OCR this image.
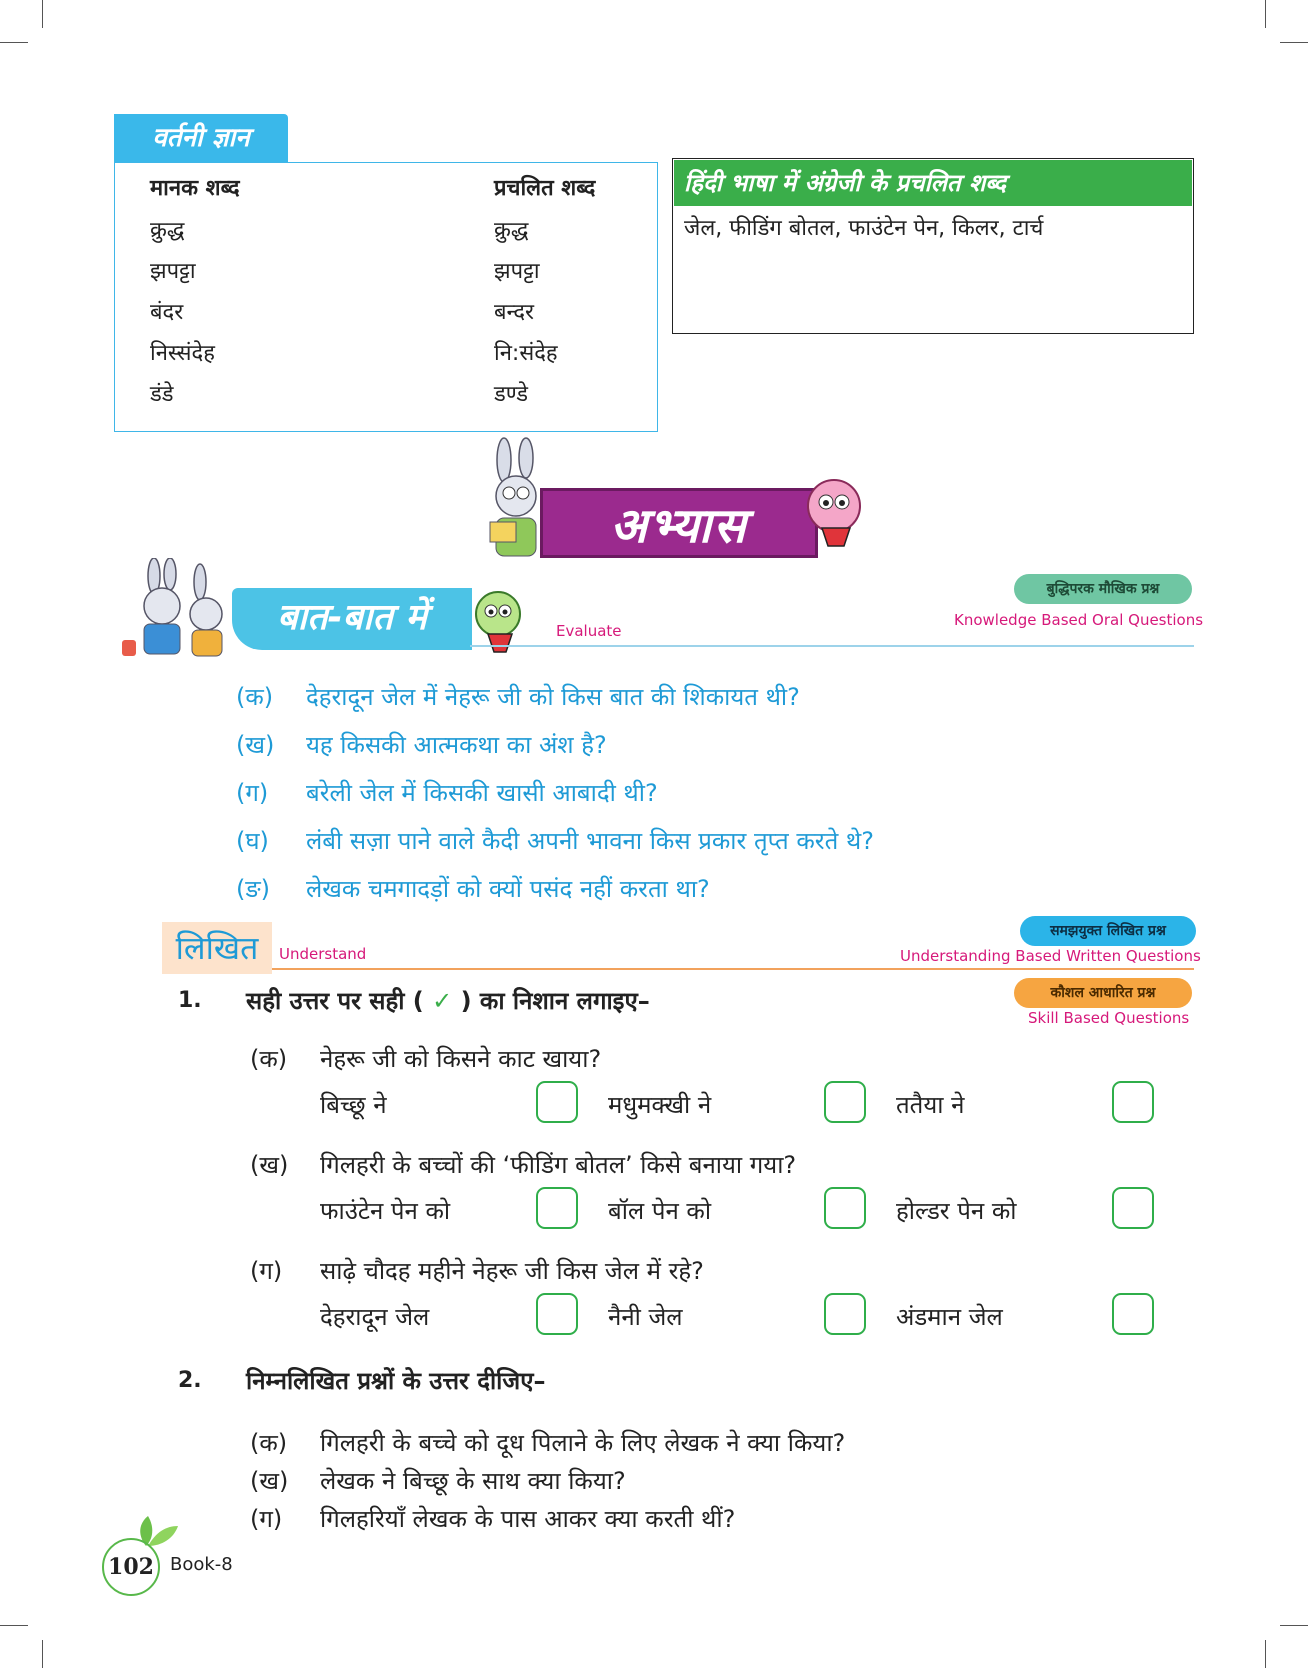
वर्तनी ज्ञान
मानक शब्द	प्रचलित शब्द
क्रुद्ध	क्रुद्ध
झपट्टा	झपट्टा
बंदर	बन्दर
निस्संदेह	नि:संदेह
डंडे	डण्डे
हिंदी भाषा में अंग्रेजी के प्रचलित शब्द
जेल, फीडिंग बोतल, फाउंटेन पेन, किलर, टार्च
अभ्यास
बात-बात में	Evaluate
बुद्धिपरक मौखिक प्रश्न
Knowledge Based Oral Questions
(क) देहरादून जेल में नेहरू जी को किस बात की शिकायत थी?
(ख) यह किसकी आत्मकथा का अंश है?
(ग) बरेली जेल में किसकी खासी आबादी थी?
(घ) लंबी सज़ा पाने वाले कैदी अपनी भावना किस प्रकार तृप्त करते थे?
(ङ) लेखक चमगादड़ों को क्यों पसंद नहीं करता था?
लिखित	Understand
समझयुक्त लिखित प्रश्न
Understanding Based Written Questions
कौशल आधारित प्रश्न
Skill Based Questions
1. सही उत्तर पर सही ( ✓ ) का निशान लगाइए–
(क) नेहरू जी को किसने काट खाया?
बिच्छू ने	मधुमक्खी ने	ततैया ने
(ख) गिलहरी के बच्चों की ‘फीडिंग बोतल’ किसे बनाया गया?
फाउंटेन पेन को	बॉल पेन को	होल्डर पेन को
(ग) साढ़े चौदह महीने नेहरू जी किस जेल में रहे?
देहरादून जेल	नैनी जेल	अंडमान जेल
2. निम्नलिखित प्रश्नों के उत्तर दीजिए–
(क) गिलहरी के बच्चे को दूध पिलाने के लिए लेखक ने क्या किया?
(ख) लेखक ने बिच्छू के साथ क्या किया?
(ग) गिलहरियाँ लेखक के पास आकर क्या करती थीं?
102 Book-8
